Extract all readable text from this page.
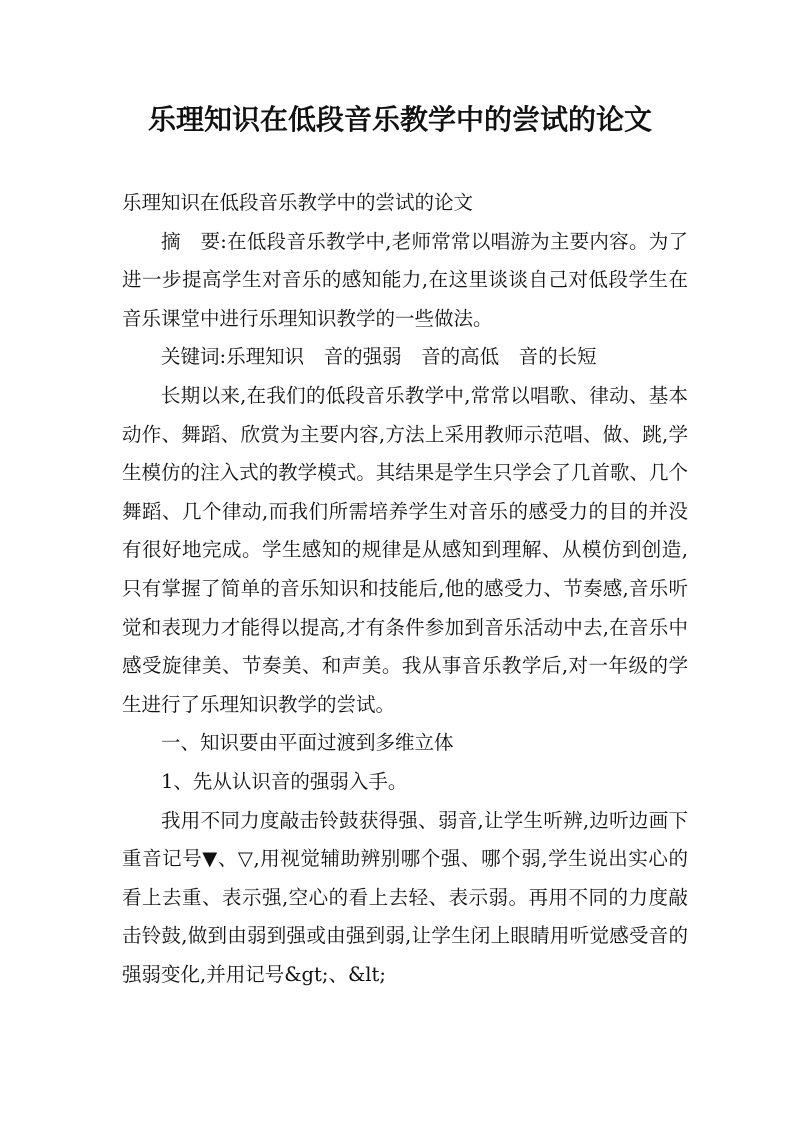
乐理知识在低段音乐教学中的尝试的论文

乐理知识在低段音乐教学中的尝试的论文

摘　要:在低段音乐教学中,老师常常以唱游为主要内容。为了进一步提高学生对音乐的感知能力,在这里谈谈自己对低段学生在音乐课堂中进行乐理知识教学的一些做法。

关键词:乐理知识　音的强弱　音的高低　音的长短

长期以来,在我们的低段音乐教学中,常常以唱歌、律动、基本动作、舞蹈、欣赏为主要内容,方法上采用教师示范唱、做、跳,学生模仿的注入式的教学模式。其结果是学生只学会了几首歌、几个舞蹈、几个律动,而我们所需培养学生对音乐的感受力的目的并没有很好地完成。学生感知的规律是从感知到理解、从模仿到创造,只有掌握了简单的音乐知识和技能后,他的感受力、节奏感,音乐听觉和表现力才能得以提高,才有条件参加到音乐活动中去,在音乐中感受旋律美、节奏美、和声美。我从事音乐教学后,对一年级的学生进行了乐理知识教学的尝试。

一、知识要由平面过渡到多维立体

1、先从认识音的强弱入手。

我用不同力度敲击铃鼓获得强、弱音,让学生听辨,边听边画下重音记号▼、▽,用视觉辅助辨别哪个强、哪个弱,学生说出实心的看上去重、表示强,空心的看上去轻、表示弱。再用不同的力度敲击铃鼓,做到由弱到强或由强到弱,让学生闭上眼睛用听觉感受音的强弱变化,并用记号&gt;、&lt;
